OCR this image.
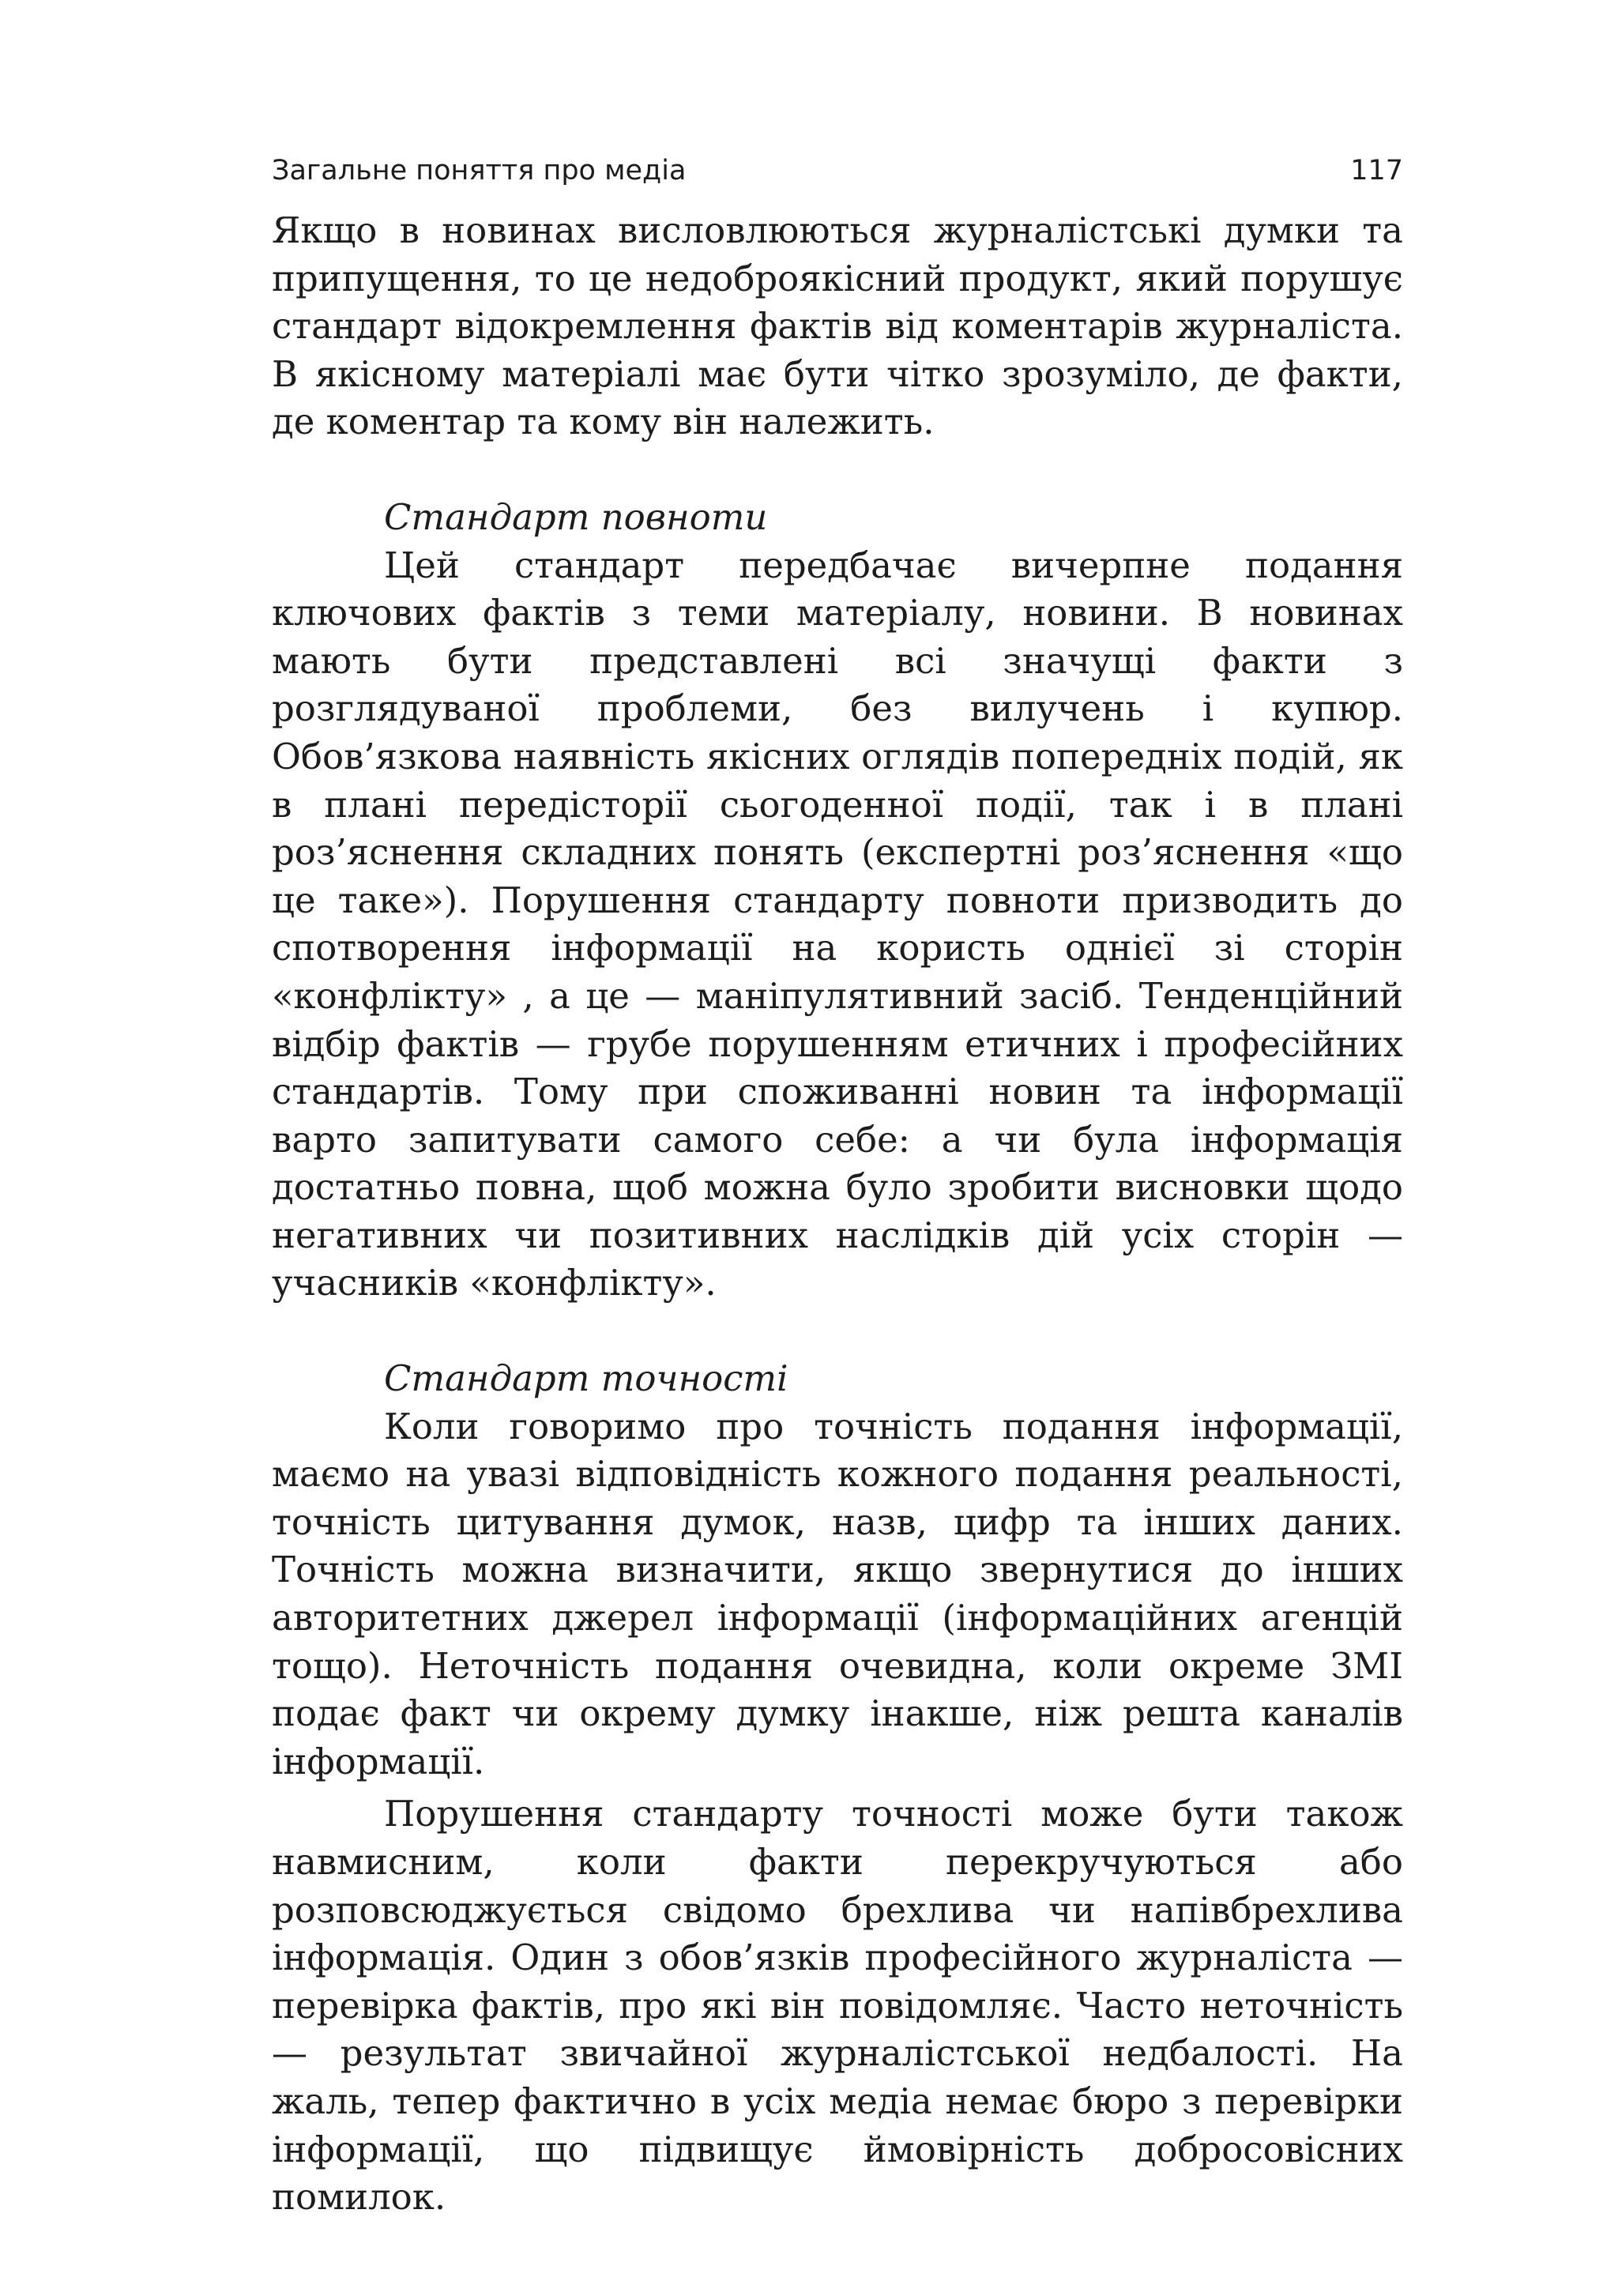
Загальне поняття про медіа	117

Якщо в новинах висловлюються журналістські думки та припущення, то це недоброякісний продукт, який порушує стандарт відокремлення фактів від коментарів журналіста. В якісному матеріалі має бути чітко зрозуміло, де факти, де коментар та кому він належить.

Стандарт повноти

Цей стандарт передбачає вичерпне подання ключових фактів з теми матеріалу, новини. В новинах мають бути представлені всі значущі факти з розглядуваної проблеми, без вилучень і купюр. Обов’язкова наявність якісних оглядів попередніх подій, як в плані передісторії сьогоденної події, так і в плані роз’яснення складних понять (експертні роз’яснення «що це таке»). Порушення стандарту повноти призводить до спотворення інформації на користь однієї зі сторін «конфлікту» , а це — маніпулятивний засіб. Тенденційний відбір фактів — грубе порушенням етичних і професійних стандартів. Тому при споживанні новин та інформації варто запитувати самого себе: а чи була інформація достатньо повна, щоб можна було зробити висновки щодо негативних чи позитивних наслідків дій усіх сторін — учасників «конфлікту».

Стандарт точності

Коли говоримо про точність подання інформації, маємо на увазі відповідність кожного подання реальності, точність цитування думок, назв, цифр та інших даних. Точність можна визначити, якщо звернутися до інших авторитетних джерел інформації (інформаційних агенцій тощо). Неточність подання очевидна, коли окреме ЗМІ подає факт чи окрему думку інакше, ніж решта каналів інформації.

Порушення стандарту точності може бути також навмисним, коли факти перекручуються або розповсюджується свідомо брехлива чи напівбрехлива інформація. Один з обов’язків професійного журналіста — перевірка фактів, про які він повідомляє. Часто неточність — результат звичайної журналістської недбалості. На жаль, тепер фактично в усіх медіа немає бюро з перевірки інформації, що підвищує ймовірність добросовісних помилок.
